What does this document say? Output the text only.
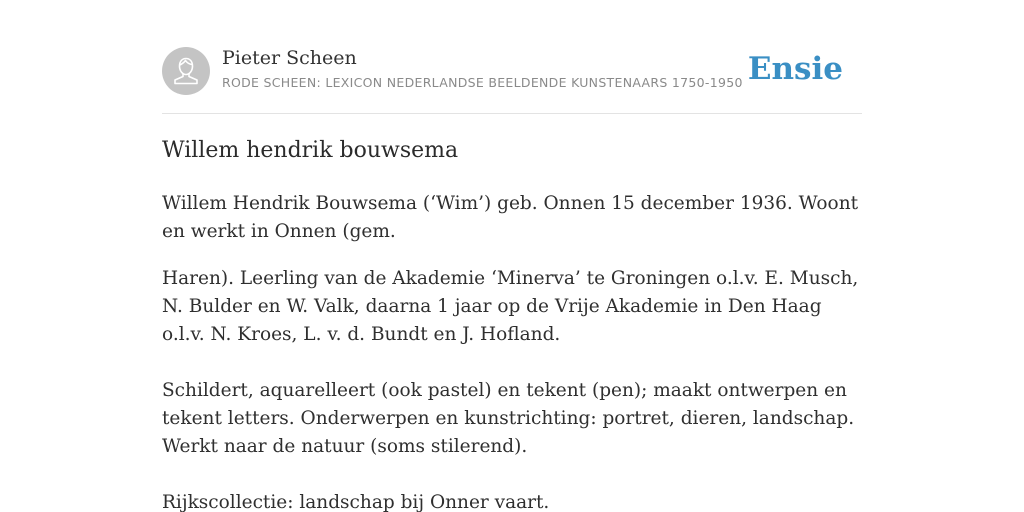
Pieter Scheen
RODE SCHEEN: LEXICON NEDERLANDSE BEELDENDE KUNSTENAARS 1750-1950 Ensie
Willem hendrik bouwsema

Willem Hendrik Bouwsema (‘Wim’) geb. Onnen 15 december 1936. Woont en werkt in Onnen (gem.

Haren). Leerling van de Akademie ‘Minerva’ te Groningen o.l.v. E. Musch, N. Bulder en W. Valk, daarna 1 jaar op de Vrije Akademie in Den Haag o.l.v. N. Kroes, L. v. d. Bundt en J. Hofland.

Schildert, aquarelleert (ook pastel) en tekent (pen); maakt ontwerpen en tekent letters. Onderwerpen en kunstrichting: portret, dieren, landschap. Werkt naar de natuur (soms stilerend).

Rijkscollectie: landschap bij Onner vaart.
